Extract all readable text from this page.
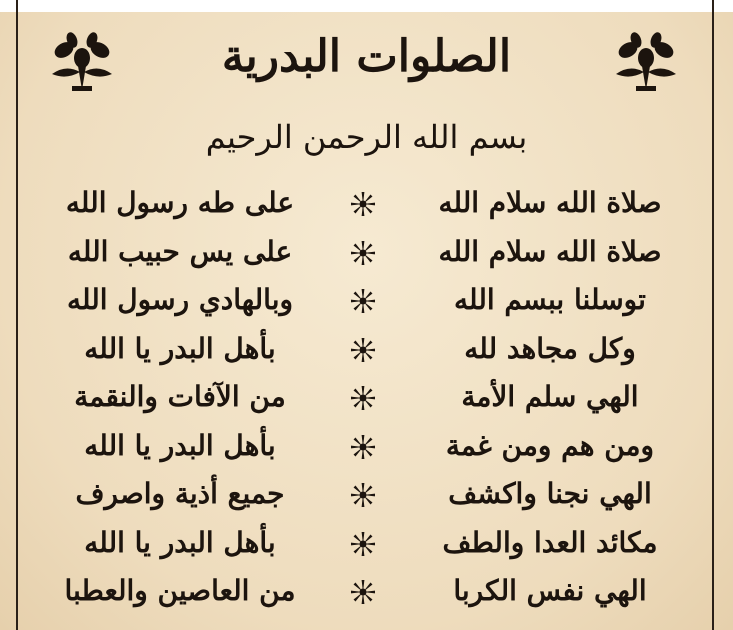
الصلوات البدرية
بسم الله الرحمن الرحيم
على طه رسول الله	صلاة الله سلام الله
على يس حبيب الله	صلاة الله سلام الله
وبالهادي رسول الله	توسلنا ببسم الله
بأهل البدر يا الله	وكل مجاهد لله
من الآفات والنقمة	الهي سلم الأمة
بأهل البدر يا الله	ومن هم ومن غمة
جميع أذية واصرف	الهي نجنا واكشف
بأهل البدر يا الله	مكائد العدا والطف
من العاصين والعطبا	الهي نفس الكربا
